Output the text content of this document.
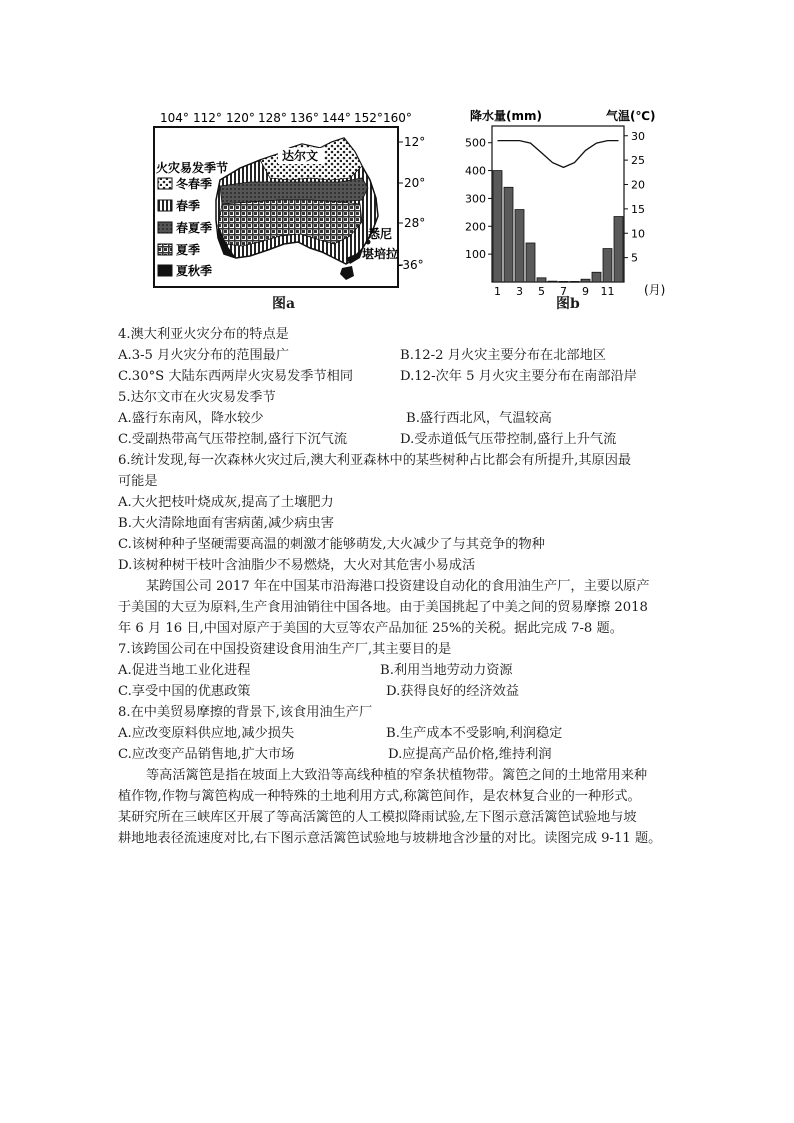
104° 112° 120° 128° 136° 144° 152° 160°
12°
20°
28°
-36°
达尔文
悉尼
堪培拉
火灾易发季节
冬春季
春季
春夏季
夏季
夏秋季
图a
降水量(mm)	气温(℃)
100
200
300
400
500
5
10
15
20
25
30
1 3 5 7 9 11 (月)
图b
4.澳大利亚火灾分布的特点是
A.3-5 月火灾分布的范围最广	B.12-2 月火灾主要分布在北部地区
C.30°S 大陆东西两岸火灾易发季节相同	D.12-次年 5 月火灾主要分布在南部沿岸
5.达尔文市在火灾易发季节
A.盛行东南风，降水较少	B.盛行西北风，气温较高
C.受副热带高气压带控制,盛行下沉气流	D.受赤道低气压带控制,盛行上升气流
6.统计发现,每一次森林火灾过后,澳大利亚森林中的某些树种占比都会有所提升,其原因最
可能是
A.大火把枝叶烧成灰,提高了土壤肥力
B.大火清除地面有害病菌,减少病虫害
C.该树种种子坚硬需要高温的刺激才能够萌发,大火减少了与其竞争的物种
D.该树种树干枝叶含油脂少不易燃烧，大火对其危害小易成活
某跨国公司 2017 年在中国某市沿海港口投资建设自动化的食用油生产厂，主要以原产
于美国的大豆为原料,生产食用油销往中国各地。由于美国挑起了中美之间的贸易摩擦 2018
年 6 月 16 日,中国对原产于美国的大豆等农产品加征 25%的关税。据此完成 7-8 题。
7.该跨国公司在中国投资建设食用油生产厂,其主要目的是
A.促进当地工业化进程	B.利用当地劳动力资源
C.享受中国的优惠政策	D.获得良好的经济效益
8.在中美贸易摩擦的背景下,该食用油生产厂
A.应改变原料供应地,减少损失	B.生产成本不受影响,利润稳定
C.应改变产品销售地,扩大市场	D.应提高产品价格,维持利润
等高活篱笆是指在坡面上大致沿等高线种植的窄条状植物带。篱笆之间的土地常用来种
植作物,作物与篱笆构成一种特殊的土地利用方式,称篱笆间作，是农林复合业的一种形式。
某研究所在三峡库区开展了等高活篱笆的人工模拟降雨试验,左下图示意活篱笆试验地与坡
耕地地表径流速度对比,右下图示意活篱笆试验地与坡耕地含沙量的对比。读图完成 9-11 题。
